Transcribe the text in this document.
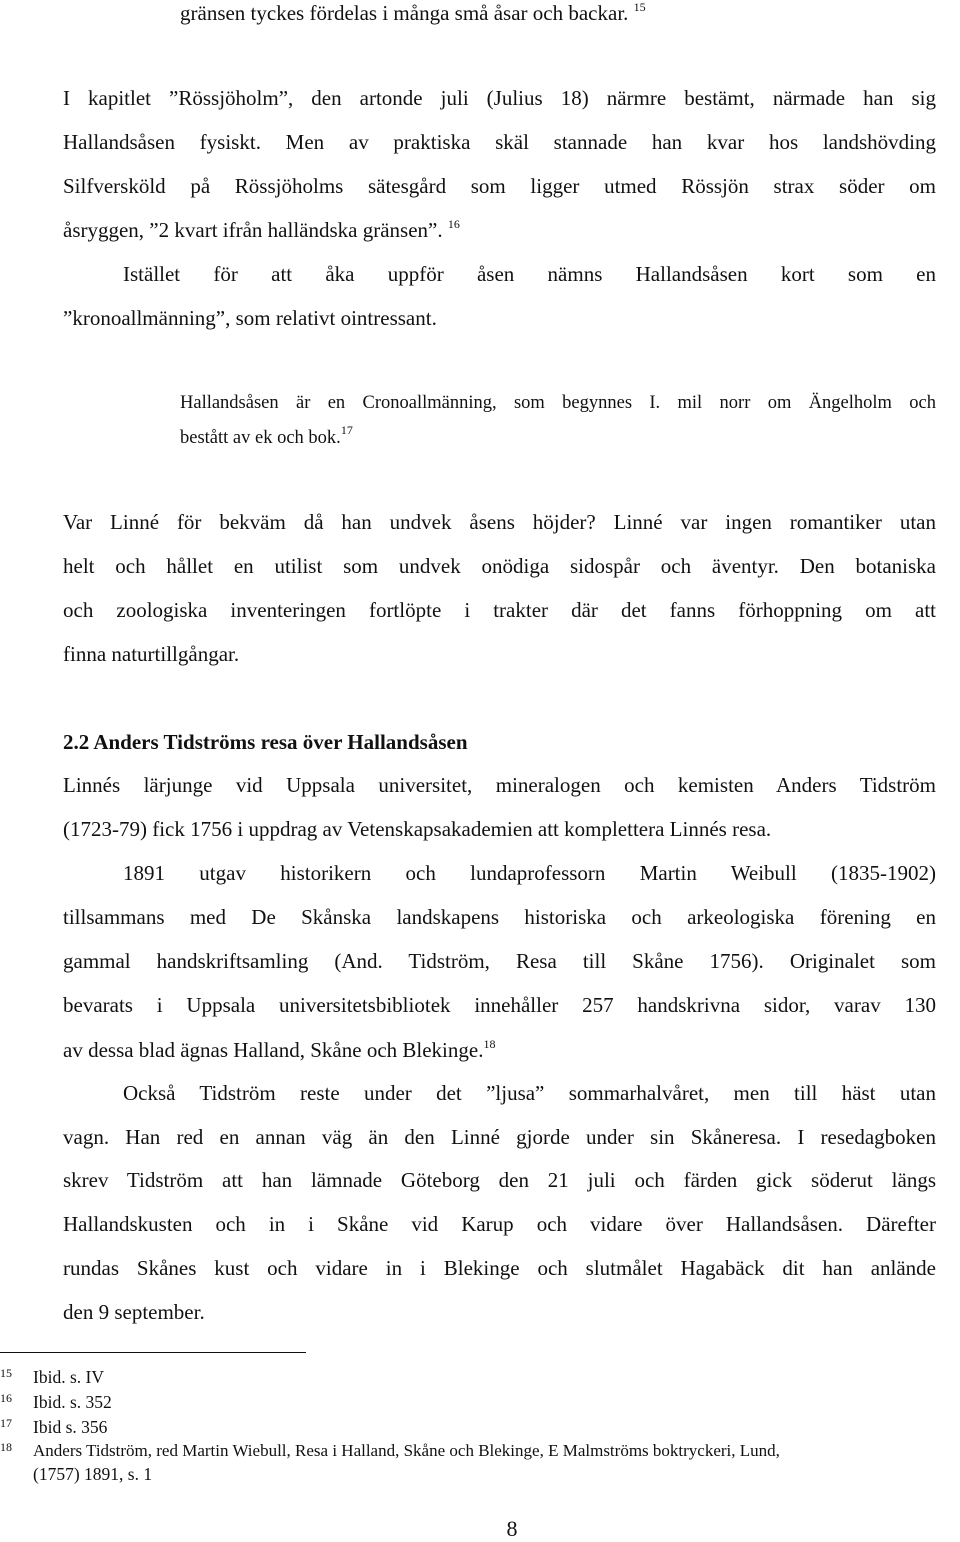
gränsen tyckes fördelas i många små åsar och backar. $^{15}$

I kapitlet ”Rössjöholm”, den artonde juli (Julius 18) närmre bestämt, närmade han sig

Hallandsåsen fysiskt. Men av praktiska skäl stannade han kvar hos landshövding

Silfversköld på Rössjöholms sätesgård som ligger utmed Rössjön strax söder om

åsryggen, ”2 kvart ifrån halländska gränsen”. $^{16}$

Istället för att åka uppför åsen nämns Hallandsåsen kort som en

”kronoallmänning”, som relativt ointressant.

Hallandsåsen är en Cronoallmänning, som begynnes I. mil norr om Ängelholm och

bestått av ek och bok.$^{17}$

Var Linné för bekväm då han undvek åsens höjder? Linné var ingen romantiker utan

helt och hållet en utilist som undvek onödiga sidospår och äventyr. Den botaniska

och zoologiska inventeringen fortlöpte i trakter där det fanns förhoppning om att

finna naturtillgångar.

2.2 Anders Tidströms resa över Hallandsåsen

Linnés lärjunge vid Uppsala universitet, mineralogen och kemisten Anders Tidström

(1723-79) fick 1756 i uppdrag av Vetenskapsakademien att komplettera Linnés resa.

1891 utgav historikern och lundaprofessorn Martin Weibull (1835-1902)

tillsammans med De Skånska landskapens historiska och arkeologiska förening en

gammal handskriftsamling (And. Tidström, Resa till Skåne 1756). Originalet som

bevarats i Uppsala universitetsbibliotek innehåller 257 handskrivna sidor, varav 130

av dessa blad ägnas Halland, Skåne och Blekinge.$^{18}$

Också Tidström reste under det ”ljusa” sommarhalvåret, men till häst utan

vagn. Han red en annan väg än den Linné gjorde under sin Skåneresa. I resedagboken

skrev Tidström att han lämnade Göteborg den 21 juli och färden gick söderut längs

Hallandskusten och in i Skåne vid Karup och vidare över Hallandsåsen. Därefter

rundas Skånes kust och vidare in i Blekinge och slutmålet Hagabäck dit han anlände

den 9 september.

15 Ibid. s. IV
16 Ibid. s. 352
17 Ibid s. 356
18 Anders Tidström, red Martin Wiebull, Resa i Halland, Skåne och Blekinge, E Malmströms boktryckeri, Lund,
(1757) 1891, s. 1
8
